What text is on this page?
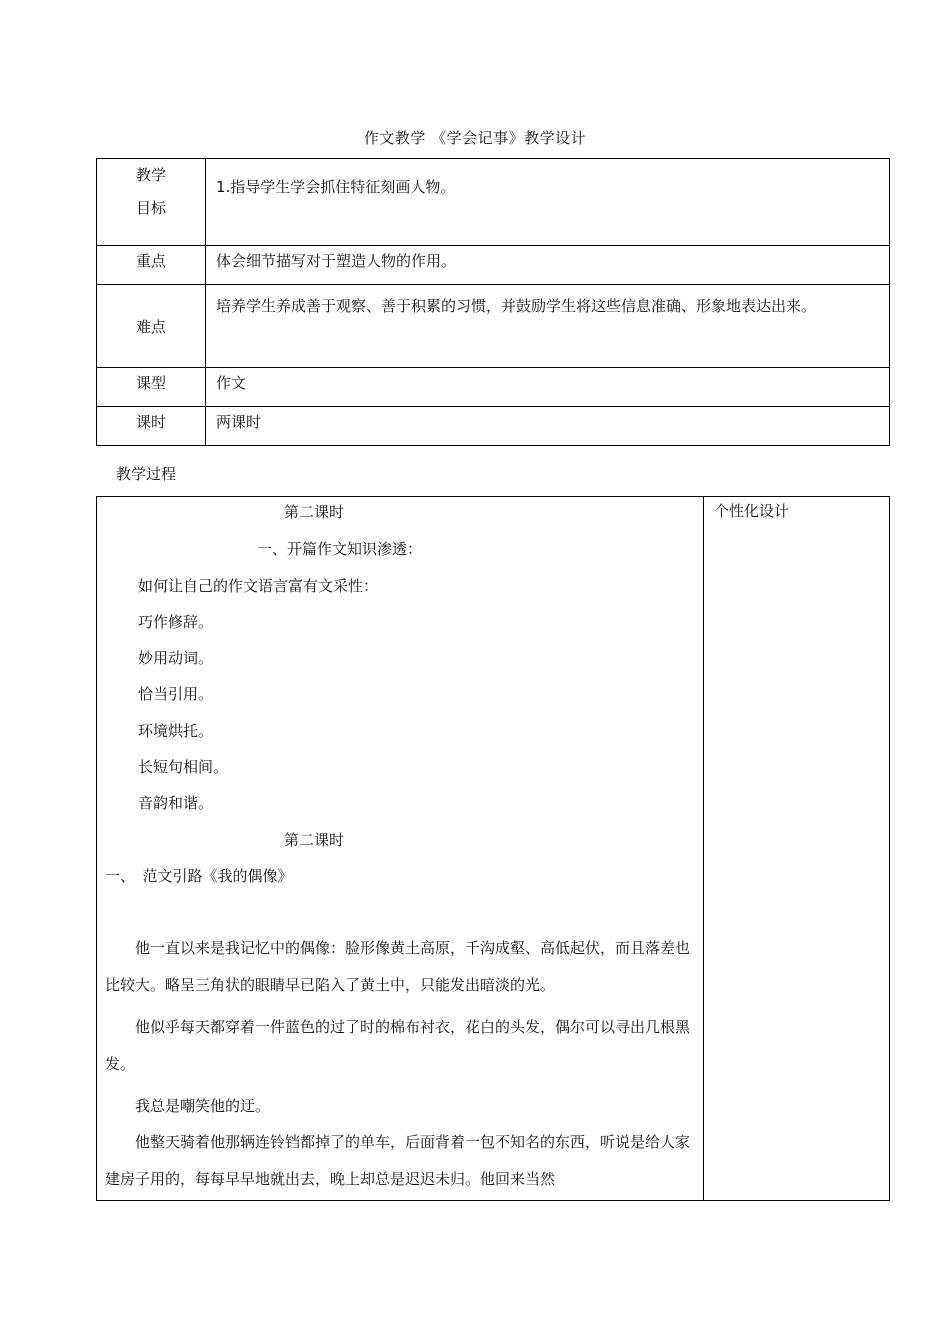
作文教学 《学会记事》教学设计
教学
目标	1.指导学生学会抓住特征刻画人物。
重点	体会细节描写对于塑造人物的作用。
难点	培养学生养成善于观察、善于积累的习惯，并鼓励学生将这些信息准确、形象地表达出来。
课型	作文
课时	两课时
教学过程
第二课时
一、开篇作文知识渗透：
如何让自己的作文语言富有文采性：
巧作修辞。
妙用动词。
恰当引用。
环境烘托。
长短句相间。
音韵和谐。
第二课时
一、　范文引路《我的偶像》
他一直以来是我记忆中的偶像：脸形像黄土高原，千沟成壑、高低起伏，而且落差也比较大。略呈三角状的眼睛早已陷入了黄土中，只能发出暗淡的光。
他似乎每天都穿着一件蓝色的过了时的棉布衬衣，花白的头发，偶尔可以寻出几根黑发。
我总是嘲笑他的迂。
他整天骑着他那辆连铃铛都掉了的单车，后面背着一包不知名的东西，听说是给人家建房子用的，每每早早地就出去，晚上却总是迟迟未归。他回来当然

个性化设计
